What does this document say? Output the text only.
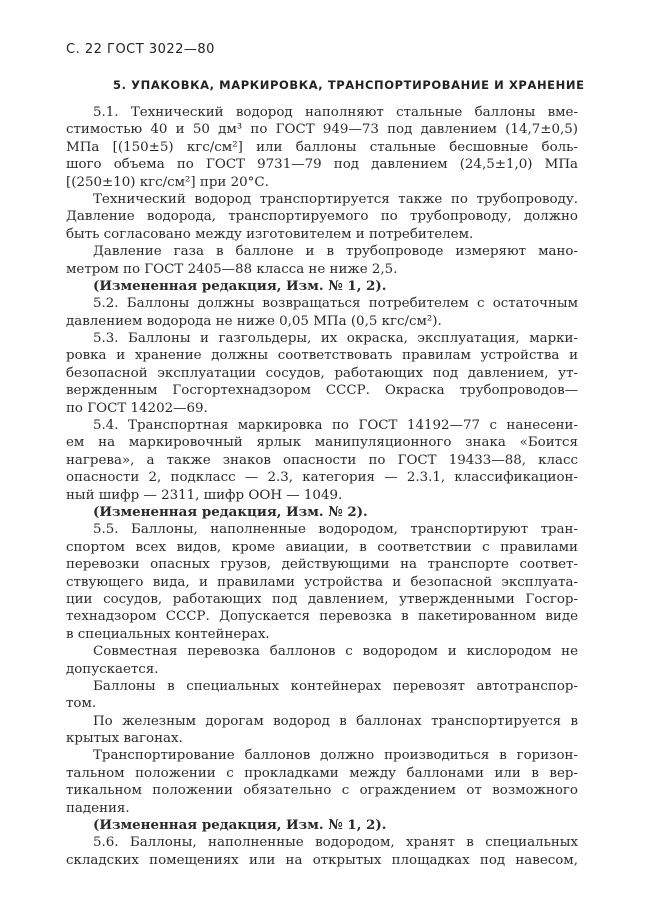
С. 22 ГОСТ 3022—80
5. УПАКОВКА, МАРКИРОВКА, ТРАНСПОРТИРОВАНИЕ И ХРАНЕНИЕ
5.1. Технический водород наполняют стальные баллоны вме-
стимостью 40 и 50 дм³ по ГОСТ 949—73 под давлением (14,7±0,5)
МПа [(150±5) кгс/см²] или баллоны стальные бесшовные боль-
шого объема по ГОСТ 9731—79 под давлением (24,5±1,0) МПа
[(250±10) кгс/см²] при 20°С.
Технический водород транспортируется также по трубопроводу.
Давление водорода, транспортируемого по трубопроводу, должно
быть согласовано между изготовителем и потребителем.
Давление газа в баллоне и в трубопроводе измеряют мано-
метром по ГОСТ 2405—88 класса не ниже 2,5.
(Измененная редакция, Изм. № 1, 2).
5.2. Баллоны должны возвращаться потребителем с остаточным
давлением водорода не ниже 0,05 МПа (0,5 кгс/см²).
5.3. Баллоны и газгольдеры, их окраска, эксплуатация, марки-
ровка и хранение должны соответствовать правилам устройства и
безопасной эксплуатации сосудов, работающих под давлением, ут-
вержденным Госгортехнадзором СССР. Окраска трубопроводов—
по ГОСТ 14202—69.
5.4. Транспортная маркировка по ГОСТ 14192—77 с нанесени-
ем на маркировочный ярлык манипуляционного знака «Боится
нагрева», а также знаков опасности по ГОСТ 19433—88, класс
опасности 2, подкласс — 2.3, категория — 2.3.1, классификацион-
ный шифр — 2311, шифр ООН — 1049.
(Измененная редакция, Изм. № 2).
5.5. Баллоны, наполненные водородом, транспортируют тран-
спортом всех видов, кроме авиации, в соответствии с правилами
перевозки опасных грузов, действующими на транспорте соответ-
ствующего вида, и правилами устройства и безопасной эксплуата-
ции сосудов, работающих под давлением, утвержденными Госгор-
технадзором СССР. Допускается перевозка в пакетированном виде
в специальных контейнерах.
Совместная перевозка баллонов с водородом и кислородом не
допускается.
Баллоны в специальных контейнерах перевозят автотранспор-
том.
По железным дорогам водород в баллонах транспортируется в
крытых вагонах.
Транспортирование баллонов должно производиться в горизон-
тальном положении с прокладками между баллонами или в вер-
тикальном положении обязательно с ограждением от возможного
падения.
(Измененная редакция, Изм. № 1, 2).
5.6. Баллоны, наполненные водородом, хранят в специальных
складских помещениях или на открытых площадках под навесом,
